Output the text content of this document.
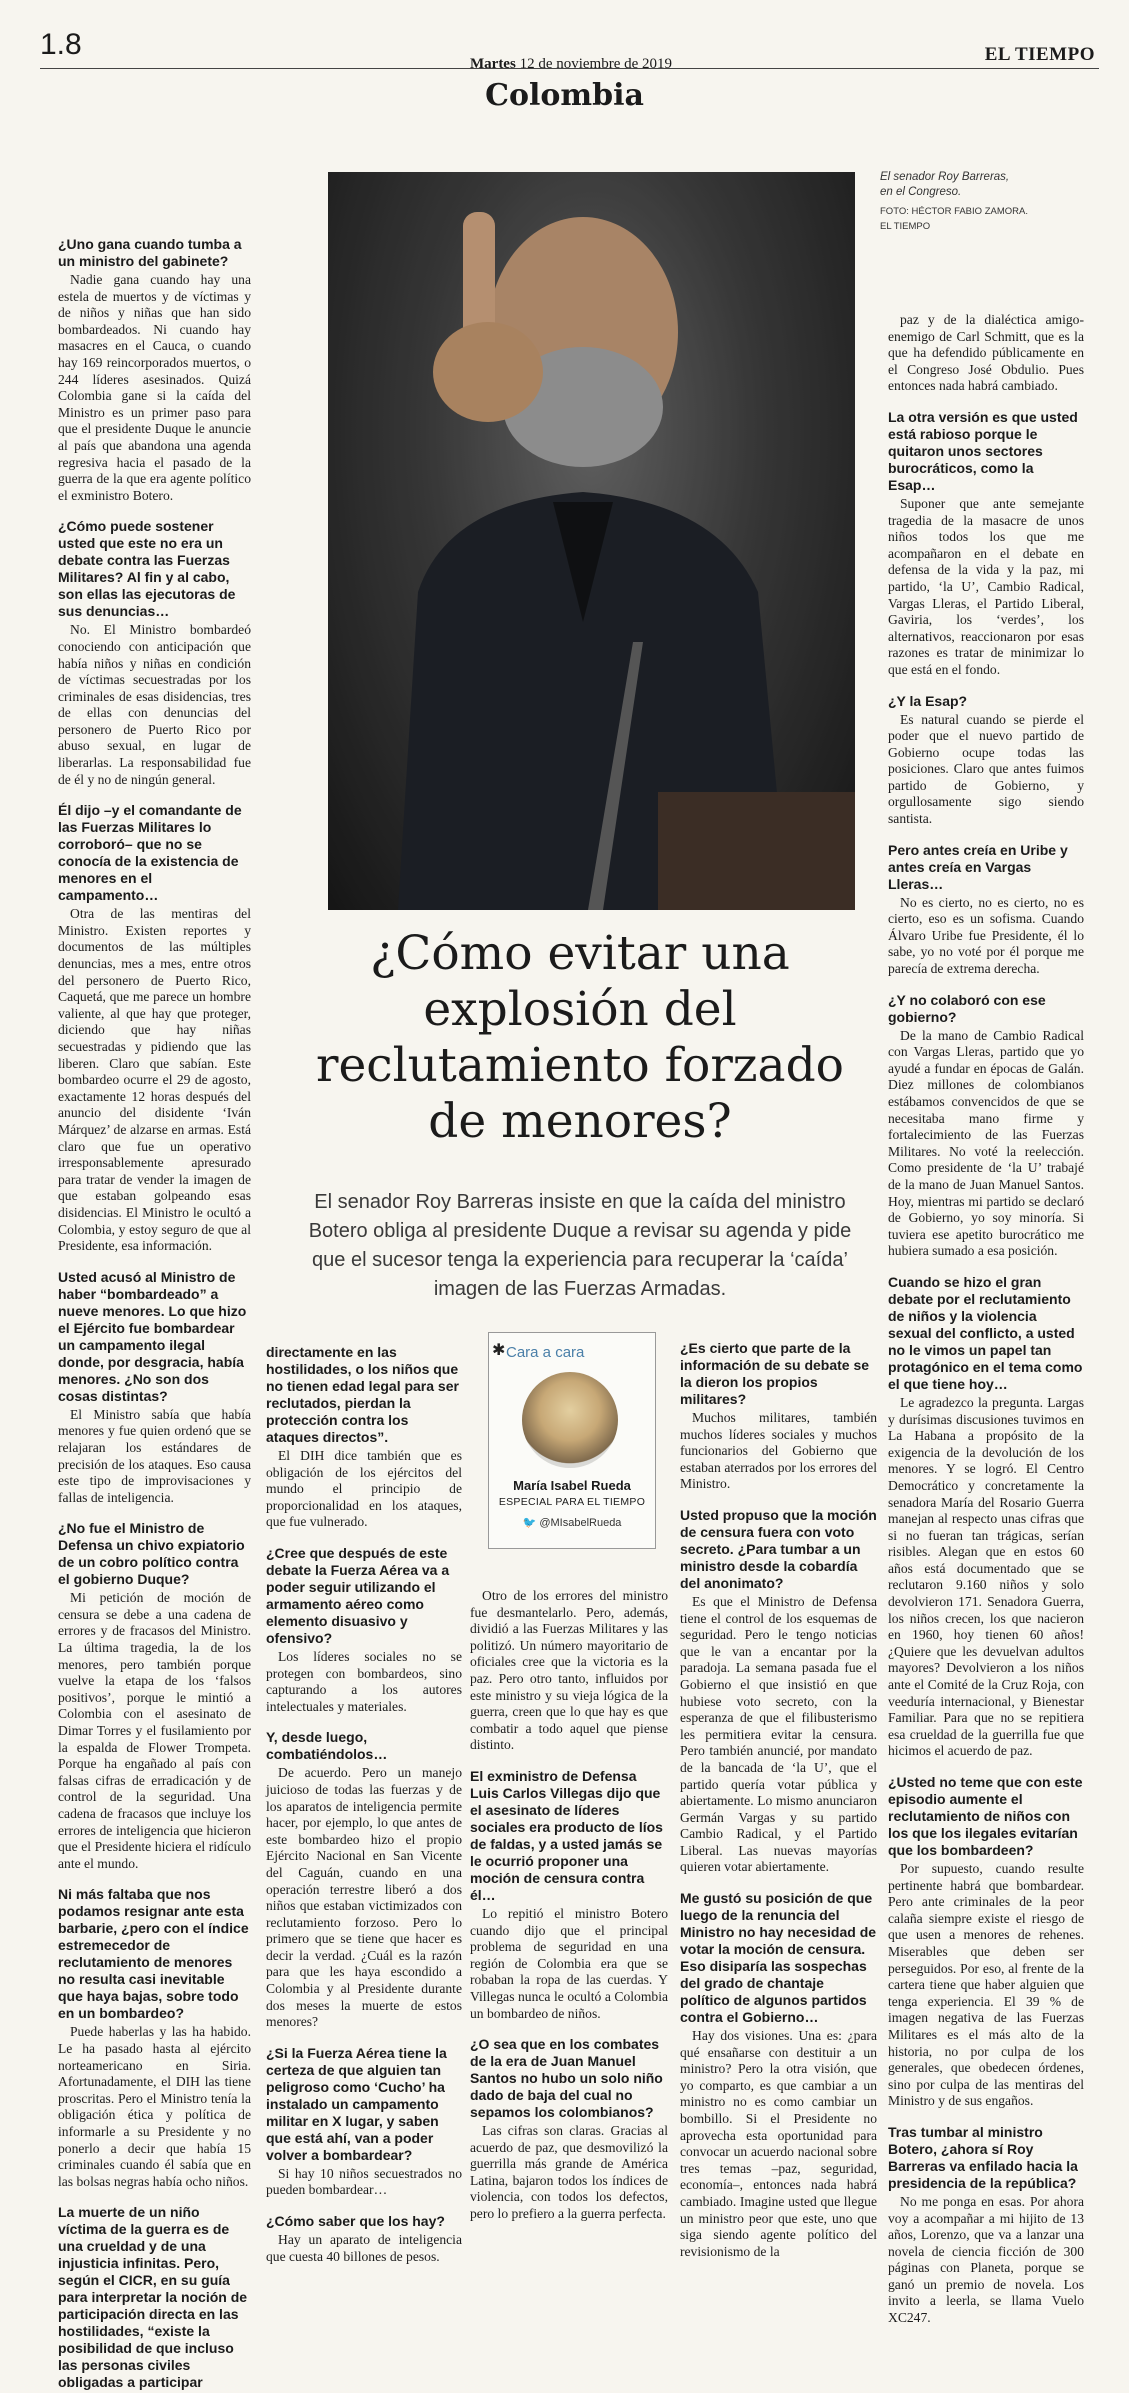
1.8
Martes 12 de noviembre de 2019	EL TIEMPO
Colombia
El senador Roy Barreras,
en el Congreso.
FOTO: HÉCTOR FABIO ZAMORA. EL TIEMPO
¿Cómo evitar una explosión del reclutamiento forzado de menores?
El senador Roy Barreras insiste en que la caída del ministro Botero obliga al presidente Duque a revisar su agenda y pide que el sucesor tenga la experiencia para recuperar la ‘caída’ imagen de las Fuerzas Armadas.
✱ Cara a cara
María Isabel Rueda
ESPECIAL PARA EL TIEMPO
🐦 @MIsabelRueda
¿Uno gana cuando tumba a un ministro del gabinete?

Nadie gana cuando hay una estela de muertos y de víctimas y de niños y niñas que han sido bombardeados. Ni cuando hay masacres en el Cauca, o cuando hay 169 reincorporados muertos, o 244 líderes asesinados. Quizá Colombia gane si la caída del Ministro es un primer paso para que el presidente Duque le anuncie al país que abandona una agenda regresiva hacia el pasado de la guerra de la que era agente político el exministro Botero.

¿Cómo puede sostener usted que este no era un debate contra las Fuerzas Militares? Al fin y al cabo, son ellas las ejecutoras de sus denuncias…

No. El Ministro bombardeó conociendo con anticipación que había niños y niñas en condición de víctimas secuestradas por los criminales de esas disidencias, tres de ellas con denuncias del personero de Puerto Rico por abuso sexual, en lugar de liberarlas. La responsabilidad fue de él y no de ningún general.

Él dijo –y el comandante de las Fuerzas Militares lo corroboró– que no se conocía de la existencia de menores en el campamento…

Otra de las mentiras del Ministro. Existen reportes y documentos de las múltiples denuncias, mes a mes, entre otros del personero de Puerto Rico, Caquetá, que me parece un hombre valiente, al que hay que proteger, diciendo que hay niñas secuestradas y pidiendo que las liberen. Claro que sabían. Este bombardeo ocurre el 29 de agosto, exactamente 12 horas después del anuncio del disidente ‘Iván Márquez’ de alzarse en armas. Está claro que fue un operativo irresponsablemente apresurado para tratar de vender la imagen de que estaban golpeando esas disidencias. El Ministro le ocultó a Colombia, y estoy seguro de que al Presidente, esa información.

Usted acusó al Ministro de haber “bombardeado” a nueve menores. Lo que hizo el Ejército fue bombardear un campamento ilegal donde, por desgracia, había menores. ¿No son dos cosas distintas?

El Ministro sabía que había menores y fue quien ordenó que se relajaran los estándares de precisión de los ataques. Eso causa este tipo de improvisaciones y fallas de inteligencia.

¿No fue el Ministro de Defensa un chivo expiatorio de un cobro político contra el gobierno Duque?

Mi petición de moción de censura se debe a una cadena de errores y de fracasos del Ministro. La última tragedia, la de los menores, pero también porque vuelve la etapa de los ‘falsos positivos’, porque le mintió a Colombia con el asesinato de Dimar Torres y el fusilamiento por la espalda de Flower Trompeta. Porque ha engañado al país con falsas cifras de erradicación y de control de la seguridad. Una cadena de fracasos que incluye los errores de inteligencia que hicieron que el Presidente hiciera el ridículo ante el mundo.

Ni más faltaba que nos podamos resignar ante esta barbarie, ¿pero con el índice estremecedor de reclutamiento de menores no resulta casi inevitable que haya bajas, sobre todo en un bombardeo?

Puede haberlas y las ha habido. Le ha pasado hasta al ejército norteamericano en Siria. Afortunadamente, el DIH las tiene proscritas. Pero el Ministro tenía la obligación ética y política de informarle a su Presidente y no ponerlo a decir que había 15 criminales cuando él sabía que en las bolsas negras había ocho niños.

La muerte de un niño víctima de la guerra es de una crueldad y de una injusticia infinitas. Pero, según el CICR, en su guía para interpretar la noción de participación directa en las hostilidades, “existe la posibilidad de que incluso las personas civiles obligadas a participar
directamente en las hostilidades, o los niños que no tienen edad legal para ser reclutados, pierdan la protección contra los ataques directos”.

El DIH dice también que es obligación de los ejércitos del mundo el principio de proporcionalidad en los ataques, que fue vulnerado.

¿Cree que después de este debate la Fuerza Aérea va a poder seguir utilizando el armamento aéreo como elemento disuasivo y ofensivo?

Los líderes sociales no se protegen con bombardeos, sino capturando a los autores intelectuales y materiales.

Y, desde luego, combatiéndolos…

De acuerdo. Pero un manejo juicioso de todas las fuerzas y de los aparatos de inteligencia permite hacer, por ejemplo, lo que antes de este bombardeo hizo el propio Ejército Nacional en San Vicente del Caguán, cuando en una operación terrestre liberó a dos niños que estaban victimizados con reclutamiento forzoso. Pero lo primero que se tiene que hacer es decir la verdad. ¿Cuál es la razón para que les haya escondido a Colombia y al Presidente durante dos meses la muerte de estos menores?

¿Si la Fuerza Aérea tiene la certeza de que alguien tan peligroso como ‘Cucho’ ha instalado un campamento militar en X lugar, y saben que está ahí, van a poder volver a bombardear?

Si hay 10 niños secuestrados no pueden bombardear…

¿Cómo saber que los hay?

Hay un aparato de inteligencia que cuesta 40 billones de pesos.

Otro de los errores del ministro fue desmantelarlo. Pero, además, dividió a las Fuerzas Militares y las politizó. Un número mayoritario de oficiales cree que la victoria es la paz. Pero otro tanto, influidos por este ministro y su vieja lógica de la guerra, creen que lo que hay es que combatir a todo aquel que piense distinto.

El exministro de Defensa Luis Carlos Villegas dijo que el asesinato de líderes sociales era producto de líos de faldas, y a usted jamás se le ocurrió proponer una moción de censura contra él…

Lo repitió el ministro Botero cuando dijo que el principal problema de seguridad en una región de Colombia era que se robaban la ropa de las cuerdas. Y Villegas nunca le ocultó a Colombia un bombardeo de niños.

¿O sea que en los combates de la era de Juan Manuel Santos no hubo un solo niño dado de baja del cual no sepamos los colombianos?

Las cifras son claras. Gracias al acuerdo de paz, que desmovilizó la guerrilla más grande de América Latina, bajaron todos los índices de violencia, con todos los defectos, pero lo prefiero a la guerra perfecta.

¿Es cierto que parte de la información de su debate se la dieron los propios militares?

Muchos militares, también muchos líderes sociales y muchos funcionarios del Gobierno que estaban aterrados por los errores del Ministro.

Usted propuso que la moción de censura fuera con voto secreto. ¿Para tumbar a un ministro desde la cobardía del anonimato?

Es que el Ministro de Defensa tiene el control de los esquemas de seguridad. Pero le tengo noticias que le van a encantar por la paradoja. La semana pasada fue el Gobierno el que insistió en que hubiese voto secreto, con la esperanza de que el filibusterismo les permitiera evitar la censura. Pero también anuncié, por mandato de la bancada de ‘la U’, que el partido quería votar pública y abiertamente. Lo mismo anunciaron Germán Vargas y su partido Cambio Radical, y el Partido Liberal. Las nuevas mayorías quieren votar abiertamente.

Me gustó su posición de que luego de la renuncia del Ministro no hay necesidad de votar la moción de censura. Eso disiparía las sospechas del grado de chantaje político de algunos partidos contra el Gobierno…

Hay dos visiones. Una es: ¿para qué ensañarse con destituir a un ministro? Pero la otra visión, que yo comparto, es que cambiar a un ministro no es como cambiar un bombillo. Si el Presidente no aprovecha esta oportunidad para convocar un acuerdo nacional sobre tres temas –paz, seguridad, economía–, entonces nada habrá cambiado. Imagine usted que llegue un ministro peor que este, uno que siga siendo agente político del revisionismo de la

paz y de la dialéctica amigo-enemigo de Carl Schmitt, que es la que ha defendido públicamente en el Congreso José Obdulio. Pues entonces nada habrá cambiado.

La otra versión es que usted está rabioso porque le quitaron unos sectores burocráticos, como la Esap…

Suponer que ante semejante tragedia de la masacre de unos niños todos los que me acompañaron en el debate en defensa de la vida y la paz, mi partido, ‘la U’, Cambio Radical, Vargas Lleras, el Partido Liberal, Gaviria, los ‘verdes’, los alternativos, reaccionaron por esas razones es tratar de minimizar lo que está en el fondo.

¿Y la Esap?

Es natural cuando se pierde el poder que el nuevo partido de Gobierno ocupe todas las posiciones. Claro que antes fuimos partido de Gobierno, y orgullosamente sigo siendo santista.

Pero antes creía en Uribe y antes creía en Vargas Lleras…

No es cierto, no es cierto, no es cierto, eso es un sofisma. Cuando Álvaro Uribe fue Presidente, él lo sabe, yo no voté por él porque me parecía de extrema derecha.

¿Y no colaboró con ese gobierno?

De la mano de Cambio Radical con Vargas Lleras, partido que yo ayudé a fundar en épocas de Galán. Diez millones de colombianos estábamos convencidos de que se necesitaba mano firme y fortalecimiento de las Fuerzas Militares. No voté la reelección. Como presidente de ‘la U’ trabajé de la mano de Juan Manuel Santos. Hoy, mientras mi partido se declaró de Gobierno, yo soy minoría. Si tuviera ese apetito burocrático me hubiera sumado a esa posición.

Cuando se hizo el gran debate por el reclutamiento de niños y la violencia sexual del conflicto, a usted no le vimos un papel tan protagónico en el tema como el que tiene hoy…

Le agradezco la pregunta. Largas y durísimas discusiones tuvimos en La Habana a propósito de la exigencia de la devolución de los menores. Y se logró. El Centro Democrático y concretamente la senadora María del Rosario Guerra manejan al respecto unas cifras que si no fueran tan trágicas, serían risibles. Alegan que en estos 60 años está documentado que se reclutaron 9.160 niños y solo devolvieron 171. Senadora Guerra, los niños crecen, los que nacieron en 1960, hoy tienen 60 años! ¿Quiere que les devuelvan adultos mayores? Devolvieron a los niños ante el Comité de la Cruz Roja, con veeduría internacional, y Bienestar Familiar. Para que no se repitiera esa crueldad de la guerrilla fue que hicimos el acuerdo de paz.

¿Usted no teme que con este episodio aumente el reclutamiento de niños con los que los ilegales evitarían que los bombardeen?

Por supuesto, cuando resulte pertinente habrá que bombardear. Pero ante criminales de la peor calaña siempre existe el riesgo de que usen a menores de rehenes. Miserables que deben ser perseguidos. Por eso, al frente de la cartera tiene que haber alguien que tenga experiencia. El 39 % de imagen negativa de las Fuerzas Militares es el más alto de la historia, no por culpa de los generales, que obedecen órdenes, sino por culpa de las mentiras del Ministro y de sus engaños.

Tras tumbar al ministro Botero, ¿ahora sí Roy Barreras va enfilado hacia la presidencia de la república?

No me ponga en esas. Por ahora voy a acompañar a mi hijito de 13 años, Lorenzo, que va a lanzar una novela de ciencia ficción de 300 páginas con Planeta, porque se ganó un premio de novela. Los invito a leerla, se llama Vuelo XC247.
